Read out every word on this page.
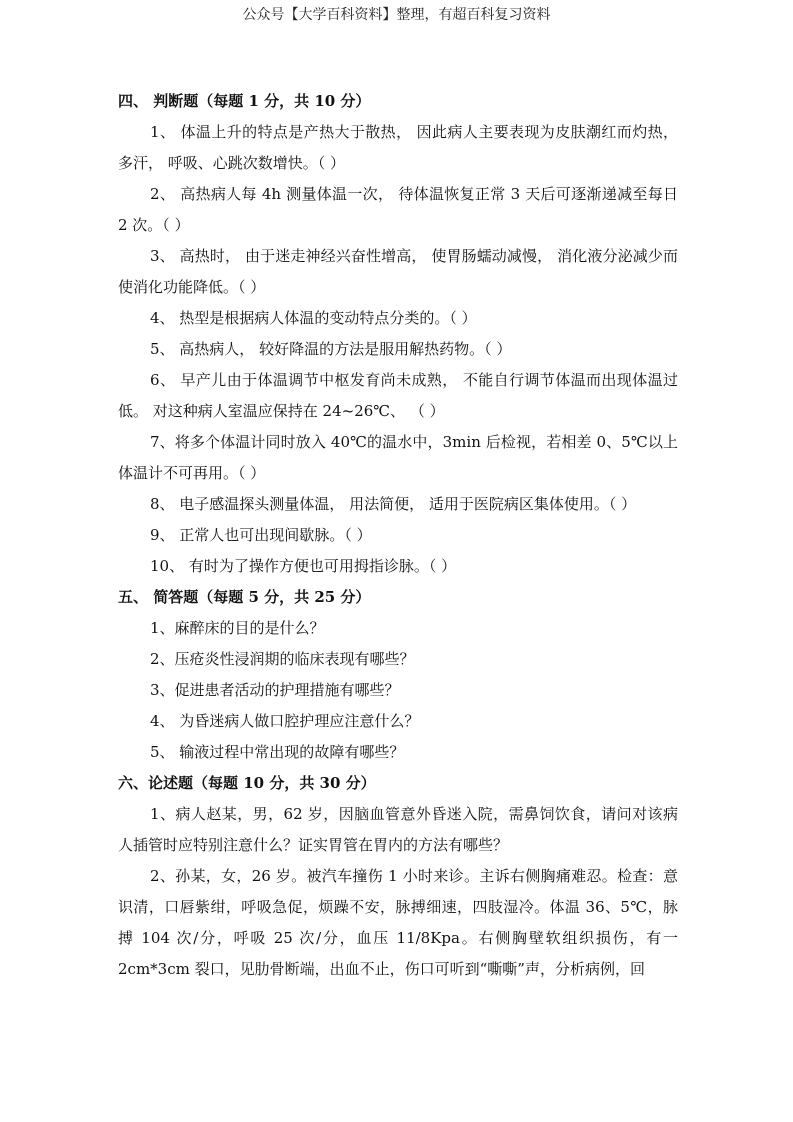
公众号【大学百科资料】整理，有超百科复习资料

四、 判断题（每题 1 分，共 10 分）

1、 体温上升的特点是产热大于散热， 因此病人主要表现为皮肤潮红而灼热， 多汗， 呼吸、心跳次数增快。（ ）

2、 高热病人每 4h 测量体温一次， 待体温恢复正常 3 天后可逐渐递减至每日 2 次。（ ）

3、 高热时， 由于迷走神经兴奋性增高， 使胃肠蠕动减慢， 消化液分泌减少而使消化功能降低。（ ）

4、 热型是根据病人体温的变动特点分类的。（ ）

5、 高热病人， 较好降温的方法是服用解热药物。（ ）

6、 早产儿由于体温调节中枢发育尚未成熟， 不能自行调节体温而出现体温过低。 对这种病人室温应保持在 24~26℃、 （ ）

7、将多个体温计同时放入 40℃的温水中，3min 后检视，若相差 0、5℃以上体温计不可再用。（ ）

8、 电子感温探头测量体温， 用法简便， 适用于医院病区集体使用。（ ）

9、 正常人也可出现间歇脉。（ ）

10、 有时为了操作方便也可用拇指诊脉。（ ）

五、 简答题（每题 5 分，共 25 分）

1、麻醉床的目的是什么？

2、压疮炎性浸润期的临床表现有哪些？

3、促进患者活动的护理措施有哪些？

4、 为昏迷病人做口腔护理应注意什么？

5、 输液过程中常出现的故障有哪些？

六、论述题（每题 10 分，共 30 分）

1、病人赵某，男，62 岁，因脑血管意外昏迷入院，需鼻饲饮食，请问对该病人插管时应特别注意什么？证实胃管在胃内的方法有哪些？

2、孙某，女，26 岁。被汽车撞伤 1 小时来诊。主诉右侧胸痛难忍。检查：意识清，口唇紫绀，呼吸急促，烦躁不安，脉搏细速，四肢湿冷。体温 36、5℃，脉搏 104 次/分，呼吸 25 次/分，血压 11/8Kpa。右侧胸壁软组织损伤，有一2cm*3cm 裂口，见肋骨断端，出血不止，伤口可听到“嘶嘶”声，分析病例，回
